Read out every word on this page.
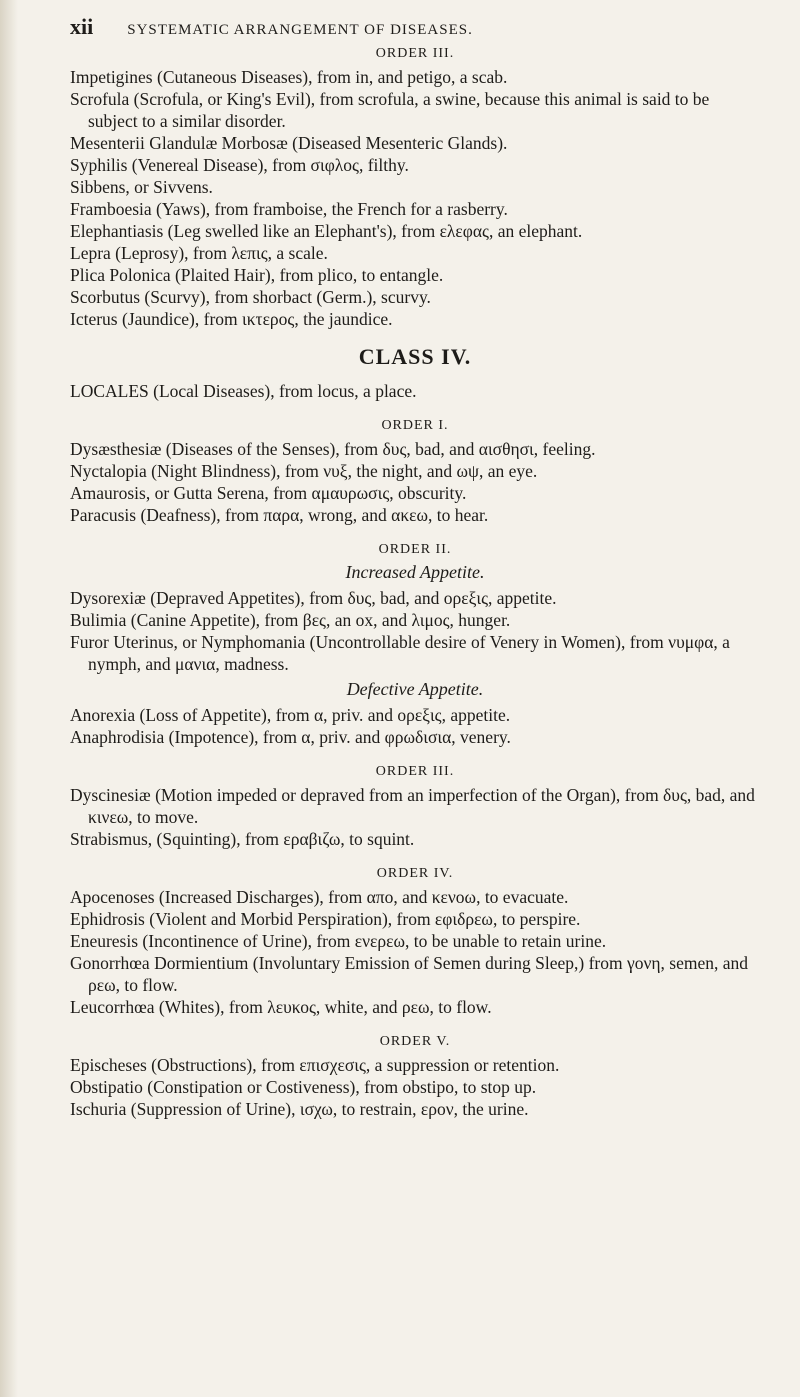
xii SYSTEMATIC ARRANGEMENT OF DISEASES.
ORDER III.

Impetigines (Cutaneous Diseases), from in, and petigo, a scab.

Scrofula (Scrofula, or King's Evil), from scrofula, a swine, because this animal is said to be subject to a similar disorder.

Mesenterii Glandulæ Morbosæ (Diseased Mesenteric Glands).

Syphilis (Venereal Disease), from σιφλος, filthy.

Sibbens, or Sivvens.

Framboesia (Yaws), from framboise, the French for a rasberry.

Elephantiasis (Leg swelled like an Elephant's), from ελεφας, an elephant.

Lepra (Leprosy), from λεπις, a scale.

Plica Polonica (Plaited Hair), from plico, to entangle.

Scorbutus (Scurvy), from shorbact (Germ.), scurvy.

Icterus (Jaundice), from ικτερος, the jaundice.

CLASS IV.

LOCALES (Local Diseases), from locus, a place.

ORDER I.

Dysæsthesiæ (Diseases of the Senses), from δυς, bad, and αισθησι, feeling.

Nyctalopia (Night Blindness), from νυξ, the night, and ωψ, an eye.

Amaurosis, or Gutta Serena, from αμαυρωσις, obscurity.

Paracusis (Deafness), from παρα, wrong, and ακεω, to hear.

ORDER II.
Increased Appetite.

Dysorexiæ (Depraved Appetites), from δυς, bad, and ορεξις, appetite.

Bulimia (Canine Appetite), from βες, an ox, and λιμος, hunger.

Furor Uterinus, or Nymphomania (Uncontrollable desire of Venery in Women), from νυμφα, a nymph, and μανια, madness.

Defective Appetite.

Anorexia (Loss of Appetite), from α, priv. and ορεξις, appetite.

Anaphrodisia (Impotence), from α, priv. and φρωδισια, venery.

ORDER III.

Dyscinesiæ (Motion impeded or depraved from an imperfection of the Organ), from δυς, bad, and κινεω, to move.

Strabismus, (Squinting), from εραβιζω, to squint.

ORDER IV.

Apocenoses (Increased Discharges), from απο, and κενοω, to evacuate.

Ephidrosis (Violent and Morbid Perspiration), from εφιδρεω, to perspire.

Eneuresis (Incontinence of Urine), from ενερεω, to be unable to retain urine.

Gonorrhœa Dormientium (Involuntary Emission of Semen during Sleep,) from γονη, semen, and ρεω, to flow.

Leucorrhœa (Whites), from λευκος, white, and ρεω, to flow.

ORDER V.

Epischeses (Obstructions), from επισχεσις, a suppression or retention.

Obstipatio (Constipation or Costiveness), from obstipo, to stop up.

Ischuria (Suppression of Urine), ισχω, to restrain, ερον, the urine.
